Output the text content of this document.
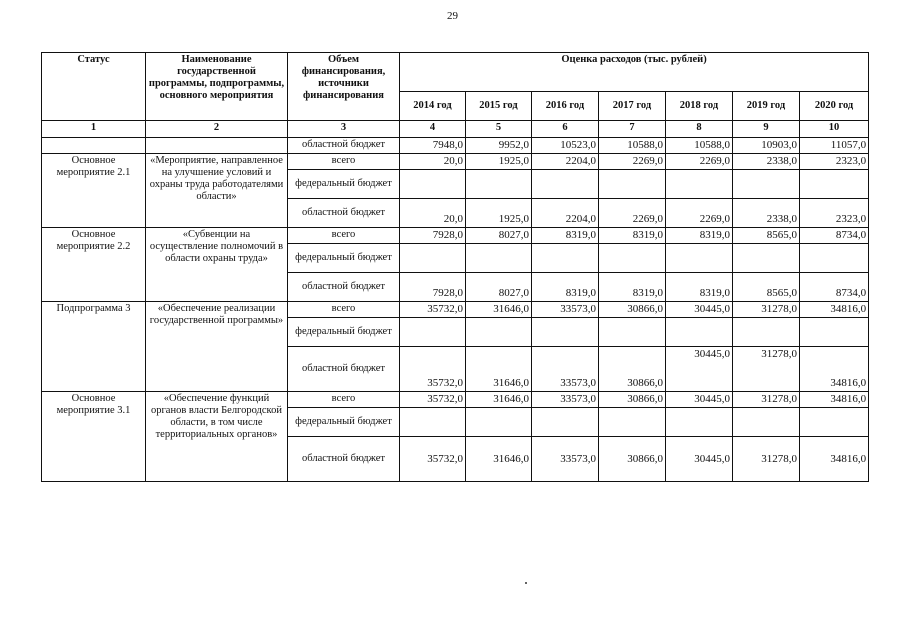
29
Статус	Наименование государственной программы, подпрограммы, основного мероприятия	Объем финансирования, источники финансирования	Оценка расходов (тыс. рублей)						
			2014 год	2015 год	2016 год	2017 год	2018 год	2019 год	2020 год
1	2	3	4	5	6	7	8	9	10
		областной бюджет	7948,0	9952,0	10523,0	10588,0	10588,0	10903,0	11057,0
Основное мероприятие 2.1	«Мероприятие, направленное на улучшение условий и охраны труда работодателями области»	всего	20,0	1925,0	2204,0	2269,0	2269,0	2338,0	2323,0
		федеральный бюджет							
		областной бюджет	20,0	1925,0	2204,0	2269,0	2269,0	2338,0	2323,0
Основное мероприятие 2.2	«Субвенции на осуществление полномочий в области охраны труда»	всего	7928,0	8027,0	8319,0	8319,0	8319,0	8565,0	8734,0
		федеральный бюджет							
		областной бюджет	7928,0	8027,0	8319,0	8319,0	8319,0	8565,0	8734,0
Подпрограмма 3	«Обеспечение реализации государственной программы»	всего	35732,0	31646,0	33573,0	30866,0	30445,0	31278,0	34816,0
		федеральный бюджет							
		областной бюджет	35732,0	31646,0	33573,0	30866,0	30445,0	31278,0	34816,0
Основное мероприятие 3.1	«Обеспечение функций органов власти Белгородской области, в том числе территориальных органов»	всего	35732,0	31646,0	33573,0	30866,0	30445,0	31278,0	34816,0
		федеральный бюджет							
		областной бюджет	35732,0	31646,0	33573,0	30866,0	30445,0	31278,0	34816,0
